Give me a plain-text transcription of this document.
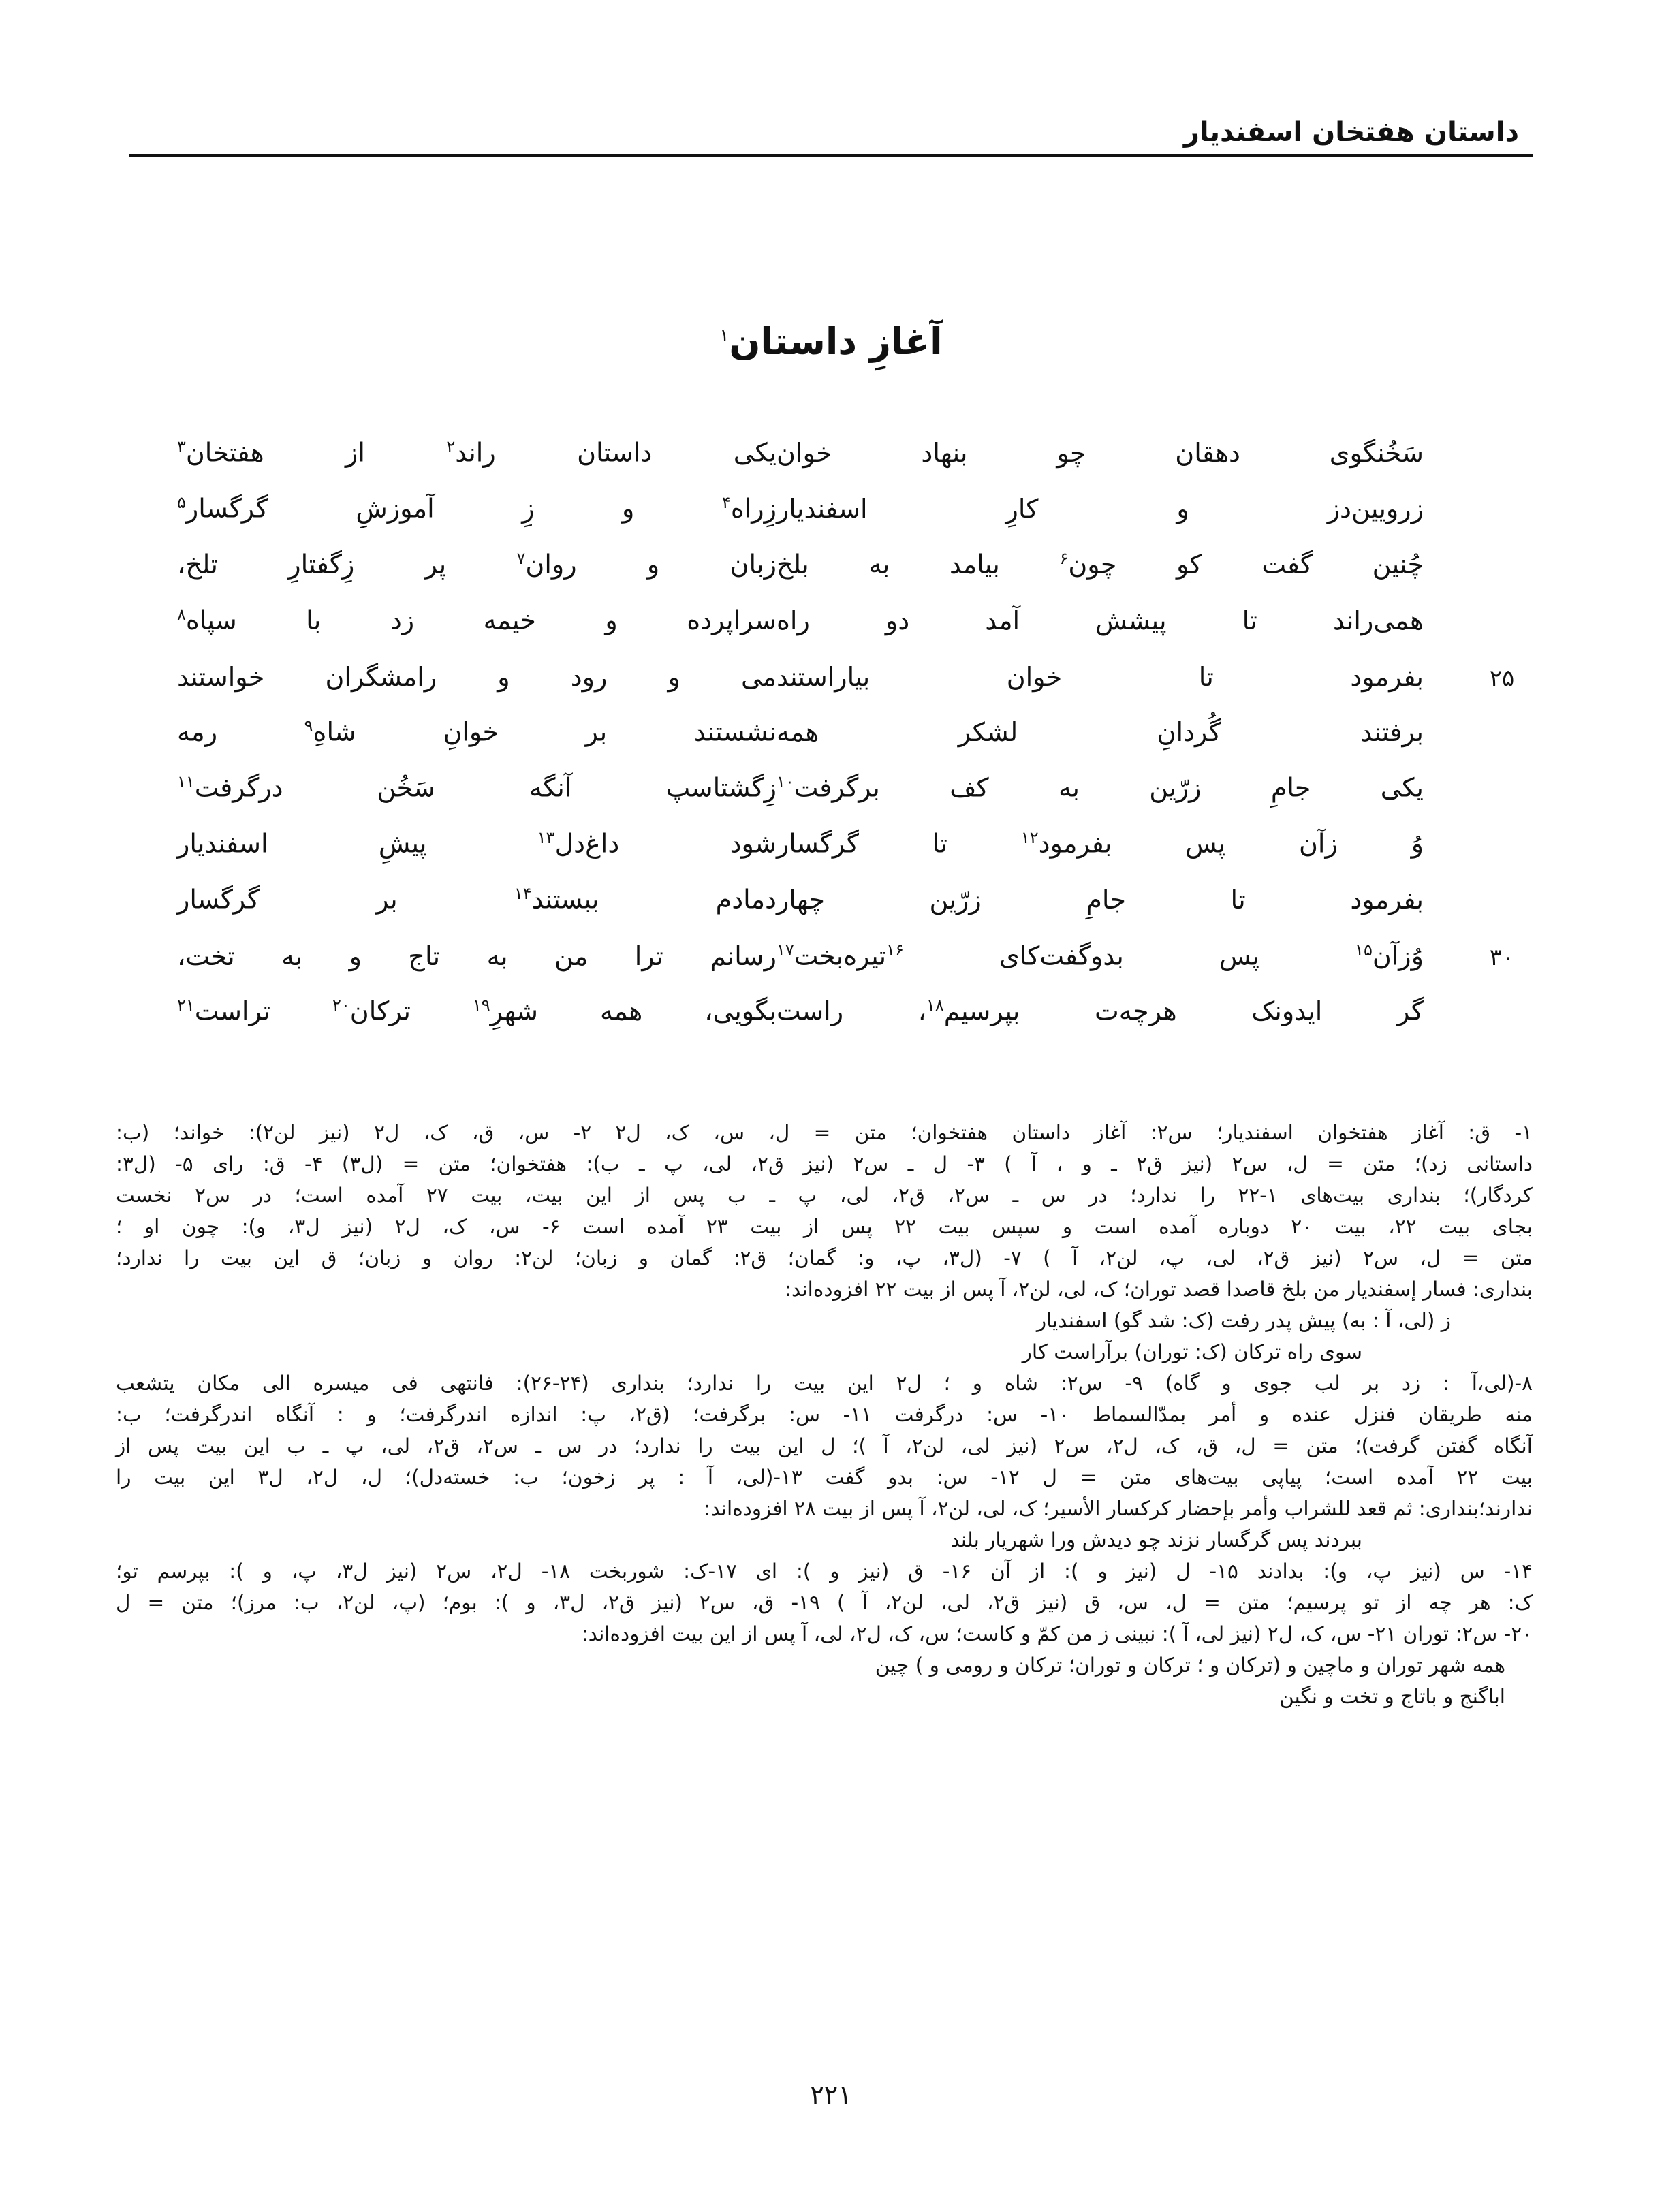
داستان هفتخان اسفندیار
آغازِ داستان$^۱$
سَخُنگوی دهقان چو بنهاد خوان
یکی داستان راند$^۲$ از هفتخان$^۳$
زرویین‌دز و کارِ اسفندیار
زِراه$^۴$ و زِ آموزشِ گرگسار$^۵$
چُنین گفت کو چون$^۶$ بیامد به بلخ
زبان و روان$^۷$ پر زِگفتارِ تلخ،
همی‌راند تا پیشش آمد دو راه
سراپرده و خیمه زد با سپاه$^۸$
۲۵
بفرمود تا خوان بیاراستند
می و رود و رامشگران خواستند
برفتند گُردانِ لشکر همه
نشستند بر خوانِ شاهِ$^۹$ رمه
یکی جامِ زرّین به کف برگرفت$^{۱۰}$
زِگشتاسپ آنگه سَخُن درگرفت$^{۱۱}$
وُ زآن پس بفرمود$^{۱۲}$ تا گرگسار
شود داغ‌دل$^{۱۳}$ پیشِ اسفندیار
بفرمود تا جامِ زرّین چهار
دمادم ببستند$^{۱۴}$ بر گرگسار
۳۰
وُزآن$^{۱۵}$ پس بدوگفت‌کای $^{۱۶}$تیره‌بخت$^{۱۷}$
رسانم ترا من به تاج و به تخت،
گر ایدونک هرچه‌ت بپرسیم$^{۱۸}$، راست
بگویی، همه شهرِ$^{۱۹}$ ترکان$^{۲۰}$ تراست$^{۲۱}$
۱- ق: آغاز هفتخوان اسفندیار؛ س۲: آغاز داستان هفتخوان؛ متن = ل، س، ک، ل۲ ۲- س، ق، ک، ل۲ (نیز لن۲): خواند؛ (ب:
داستانی زد)؛ متن = ل، س۲ (نیز ق۲ ـ و ، آ ) ۳- ل ـ س۲ (نیز ق۲، لی، پ ـ ب): هفتخوان؛ متن = (ل۳) ۴- ق: رای ۵- (ل۳:
کردگار)؛ بنداری بیت‌های ۱-۲۲ را ندارد؛ در س ـ س۲، ق۲، لی، پ ـ ب پس از این بیت، بیت ۲۷ آمده است؛ در س۲ نخست
بجای بیت ۲۲، بیت ۲۰ دوباره آمده است و سپس بیت ۲۲ پس از بیت ۲۳ آمده است ۶- س، ک، ل۲ (نیز ل۳، و): چون او ؛
متن = ل، س۲ (نیز ق۲، لی، پ، لن۲، آ ) ۷- (ل۳، پ، و: گمان؛ ق۲: گمان و زبان؛ لن۲: روان و زبان؛ ق این بیت را ندارد؛
بنداری: فسار إسفندیار من بلخ قاصدا قصد توران؛ ک، لی، لن۲، آ پس از بیت ۲۲ افزوده‌اند:
ز (لی، آ : به) پیش پدر رفت (ک: شد گو) اسفندیار
سوی راه ترکان (ک: توران) برآراست کار
۸-(لی،آ : زد بر لب جوی و گاه) ۹- س۲: شاه و ؛ ل۲ این بیت را ندارد؛ بنداری (۲۴-۲۶): فانتهی فی میسره الی مکان یتشعب
منه طریقان فنزل عنده و أمر بمدّالسماط ۱۰- س: در‌گرفت ۱۱- س: برگرفت؛ (ق۲، پ: اندازه اندرگرفت؛ و : آنگاه اندرگرفت؛ ب:
آنگاه گفتن گرفت)؛ متن = ل، ق، ک، ل۲، س۲ (نیز لی، لن۲، آ )؛ ل این بیت را ندارد؛ در س ـ س۲، ق۲، لی، پ ـ ب این بیت پس از
بیت ۲۲ آمده است؛ پیاپی بیت‌های متن = ل ۱۲- س: بدو گفت ۱۳-(لی، آ : پر ز‌خون؛ ب: خسته‌دل)؛ ل، ل۲، ل۳ این بیت را
ندارند؛بنداری: ثم قعد للشراب وأمر بإحضار كركسار الأسیر؛ ک، لی، لن۲، آ پس از بیت ۲۸ افزوده‌اند:
ببردند پس گرگسار نزند چو دیدش ورا شهریار بلند
۱۴- س (نیز پ، و): بدادند ۱۵- ل (نیز و ): از آن ۱۶- ق (نیز و ): ای ۱۷-ک: شوربخت ۱۸- ل۲، س۲ (نیز ل۳، پ، و ): بپرسم تو؛
ک: هر چه از تو پرسیم؛ متن = ل، س، ق (نیز ق۲، لی، لن۲، آ ) ۱۹- ق، س۲ (نیز ق۲، ل۳، و ): بوم؛ (پ، لن۲، ب: مرز)؛ متن = ل
۲۰- س۲: توران ۲۱- س، ک، ل۲ (نیز لی، آ ): نبینی ز من کمّ و کاست؛ س، ک، ل۲، لی، آ پس از این بیت افزوده‌اند:
همه شهر توران و ماچین و (ترکان و ؛ ترکان و توران؛ ترکان و رومی و ) چین
اباگنج و باتاج و تخت و نگین
۲۲۱
